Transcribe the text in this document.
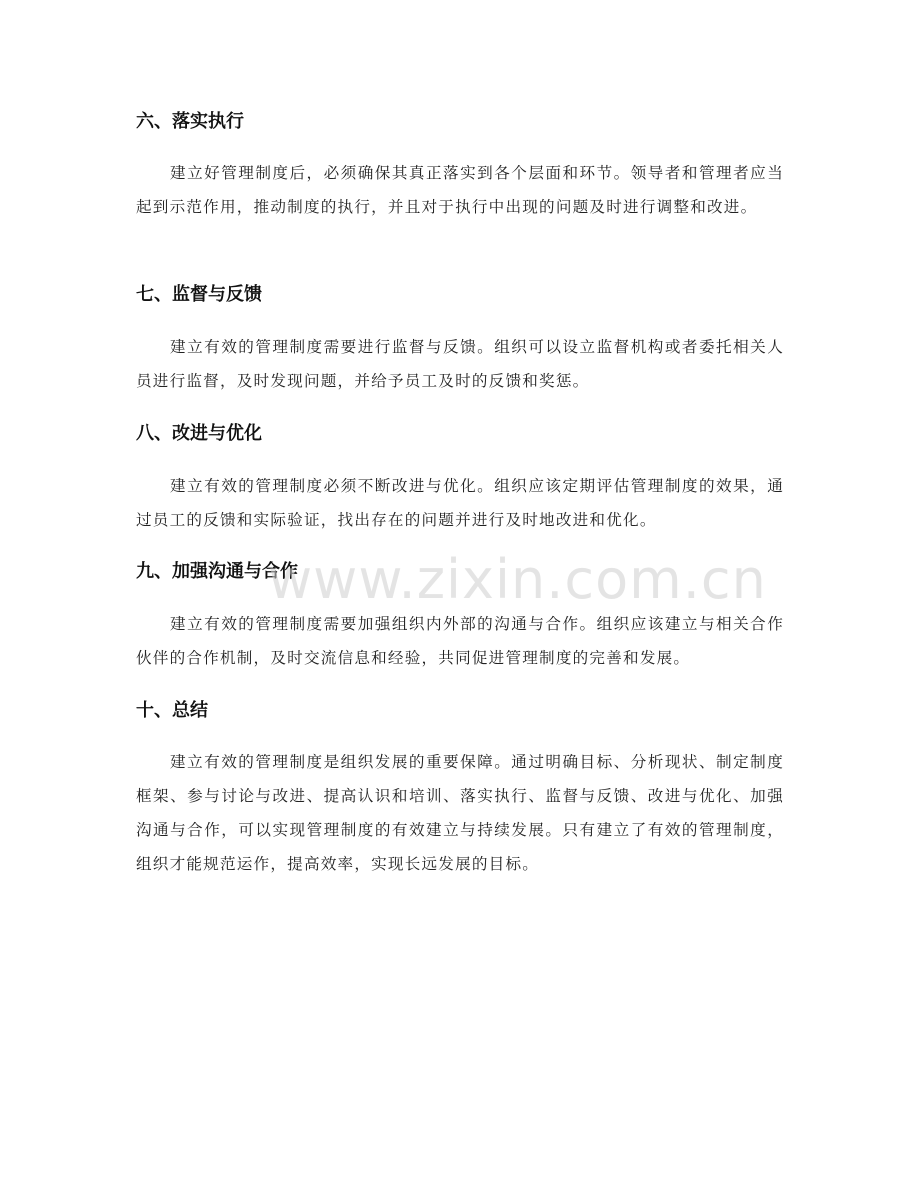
六、落实执行

建立好管理制度后，必须确保其真正落实到各个层面和环节。领导者和管理者应当起到示范作用，推动制度的执行，并且对于执行中出现的问题及时进行调整和改进。

七、监督与反馈

建立有效的管理制度需要进行监督与反馈。组织可以设立监督机构或者委托相关人员进行监督，及时发现问题，并给予员工及时的反馈和奖惩。

八、改进与优化

建立有效的管理制度必须不断改进与优化。组织应该定期评估管理制度的效果，通过员工的反馈和实际验证，找出存在的问题并进行及时地改进和优化。

九、加强沟通与合作

建立有效的管理制度需要加强组织内外部的沟通与合作。组织应该建立与相关合作伙伴的合作机制，及时交流信息和经验，共同促进管理制度的完善和发展。

十、总结

建立有效的管理制度是组织发展的重要保障。通过明确目标、分析现状、制定制度框架、参与讨论与改进、提高认识和培训、落实执行、监督与反馈、改进与优化、加强沟通与合作，可以实现管理制度的有效建立与持续发展。只有建立了有效的管理制度，组织才能规范运作，提高效率，实现长远发展的目标。

www.zixin.com.cn
